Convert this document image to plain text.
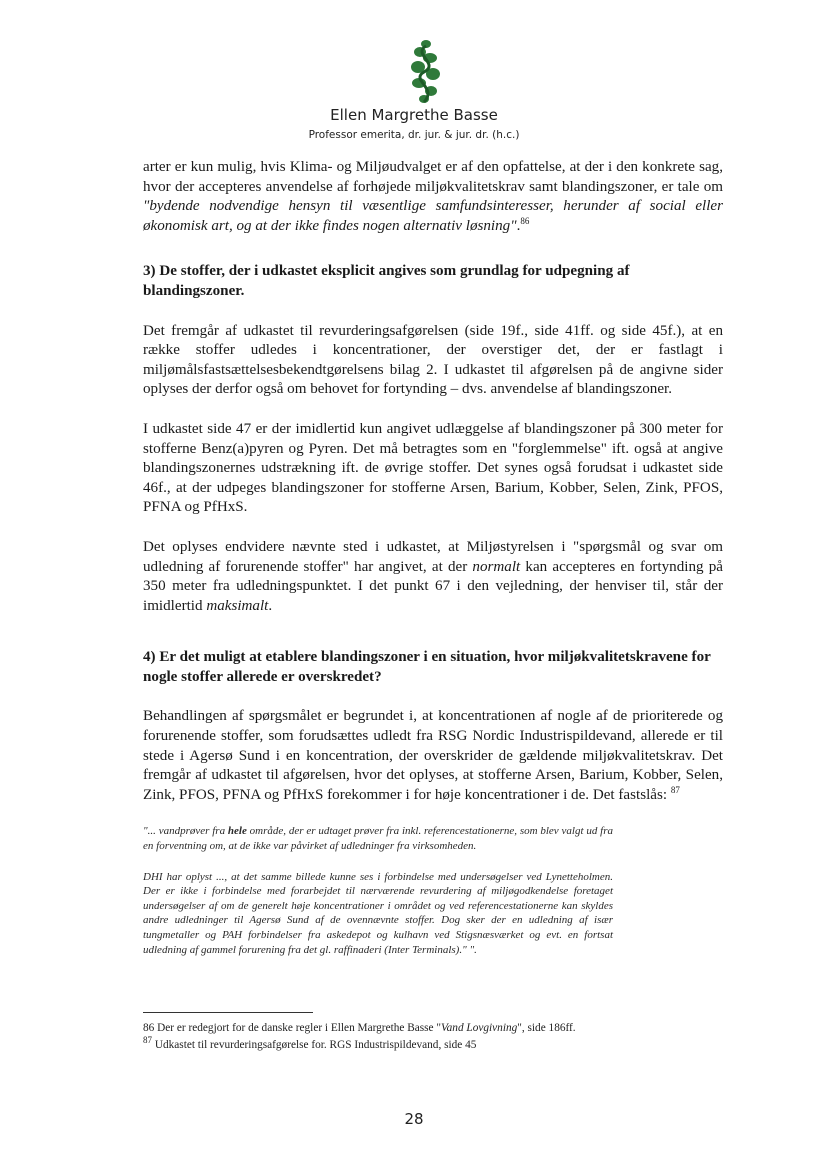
Ellen Margrethe Basse
Professor emerita, dr. jur. & jur. dr. (h.c.)

arter er kun mulig, hvis Klima- og Miljøudvalget er af den opfattelse, at der i den konkrete sag, hvor der accepteres anvendelse af forhøjede miljøkvalitetskrav samt blandingszoner, er tale om "bydende nodvendige hensyn til væsentlige samfundsinteresser, herunder af social eller økonomisk art, og at der ikke findes nogen alternativ løsning".$^{86}$

3) De stoffer, der i udkastet eksplicit angives som grundlag for udpegning af blandingszoner.

Det fremgår af udkastet til revurderingsafgørelsen (side 19f., side 41ff. og side 45f.), at en række stoffer udledes i koncentrationer, der overstiger det, der er fastlagt i miljømålsfastsættelsesbekendtgørelsens bilag 2. I udkastet til afgørelsen på de angivne sider oplyses der derfor også om behovet for fortynding – dvs. anvendelse af blandingszoner.

I udkastet side 47 er der imidlertid kun angivet udlæggelse af blandingszoner på 300 meter for stofferne Benz(a)pyren og Pyren. Det må betragtes som en "forglemmelse" ift. også at angive blandingszonernes udstrækning ift. de øvrige stoffer. Det synes også forudsat i udkastet side 46f., at der udpeges blandingszoner for stofferne Arsen, Barium, Kobber, Selen, Zink, PFOS, PFNA og PfHxS.

Det oplyses endvidere nævnte sted i udkastet, at Miljøstyrelsen i "spørgsmål og svar om udledning af forurenende stoffer" har angivet, at der normalt kan accepteres en fortynding på 350 meter fra udledningspunktet. I det punkt 67 i den vejledning, der henviser til, står der imidlertid maksimalt.

4) Er det muligt at etablere blandingszoner i en situation, hvor miljøkvalitetskravene for nogle stoffer allerede er overskredet?

Behandlingen af spørgsmålet er begrundet i, at koncentrationen af nogle af de prioriterede og forurenende stoffer, som forudsættes udledt fra RSG Nordic Industrispildevand, allerede er til stede i Agersø Sund i en koncentration, der overskrider de gældende miljøkvalitetskrav. Det fremgår af udkastet til afgørelsen, hvor det oplyses, at stofferne Arsen, Barium, Kobber, Selen, Zink, PFOS, PFNA og PfHxS forekommer i for høje koncentrationer i de. Det fastslås: $^{87}$

"... vandprøver fra hele område, der er udtaget prøver fra inkl. referencestationerne, som blev valgt ud fra en forventning om, at de ikke var påvirket af udledninger fra virksomheden.

DHI har oplyst ..., at det samme billede kunne ses i forbindelse med undersøgelser ved Lynetteholmen. Der er ikke i forbindelse med forarbejdet til nærværende revurdering af miljøgodkendelse foretaget undersøgelser af om de generelt høje koncentrationer i området og ved referencestationerne kan skyldes andre udledninger til Agersø Sund af de ovennævnte stoffer. Dog sker der en udledning af især tungmetaller og PAH forbindelser fra askedepot og kulhavn ved Stigsnæsværket og evt. en fortsat udledning af gammel forurening fra det gl. raffinaderi (Inter Terminals)." ".

86 Der er redegjort for de danske regler i Ellen Margrethe Basse "Vand Lovgivning", side 186ff.
$^{87}$ Udkastet til revurderingsafgørelse for. RGS Industrispildevand, side 45
28
